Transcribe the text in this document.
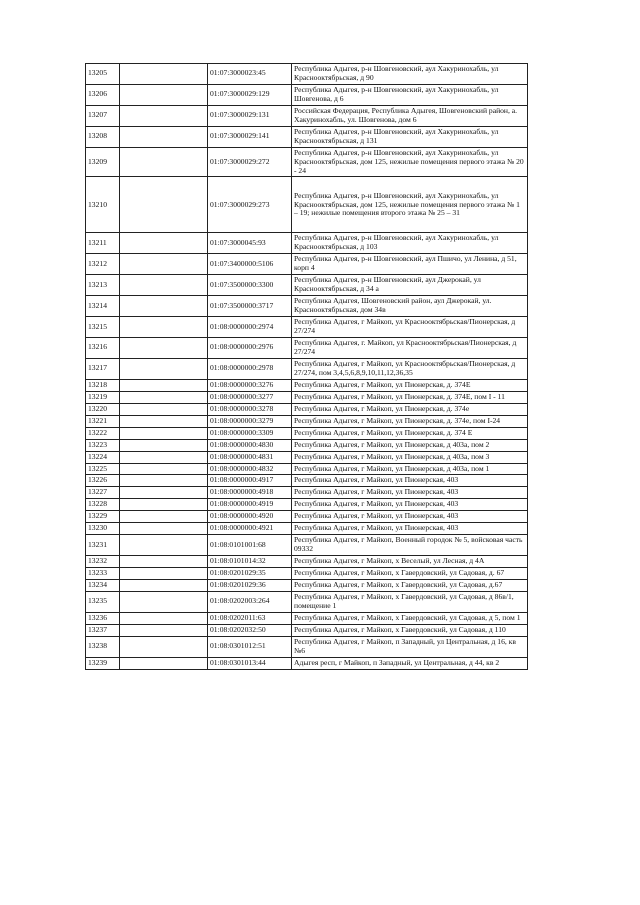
13205		01:07:3000023:45	Республика Адыгея, р-н Шовгеновский, аул Хакуринохабль, ул Краснооктябрьская, д 90
13206		01:07:3000029:129	Республика Адыгея, р-н Шовгеновский, аул Хакуринохабль, ул Шовгенова, д 6
13207		01:07:3000029:131	Российская Федерация, Республика Адыгея, Шовгеновский район, а. Хакуринохабль, ул. Шовгенова, дом 6
13208		01:07:3000029:141	Республика Адыгея, р-н Шовгеновский, аул Хакуринохабль, ул Краснооктябрьская, д 131
13209		01:07:3000029:272	Республика Адыгея, р-н Шовгеновский, аул Хакуринохабль, ул Краснооктябрьская, дом 125, нежилые помещения первого этажа № 20 - 24
13210		01:07:3000029:273	Республика Адыгея, р-н Шовгеновский, аул Хакуринохабль, ул Краснооктябрьская, дом 125, нежилые помещения первого этажа № 1 – 19; нежилые помещения второго этажа № 25 – 31
13211		01:07:3000045:93	Республика Адыгея, р-н Шовгеновский, аул Хакуринохабль, ул Краснооктябрьская, д 103
13212		01:07:3400000:5106	Республика Адыгея, р-н Шовгеновский, аул Пшичо, ул Ленина, д 51, корп 4
13213		01:07:3500000:3300	Республика Адыгея, р-н Шовгеновский, аул Джерокай, ул Краснооктябрьская, д 34 а
13214		01:07:3500000:3717	Республика Адыгея, Шовгеновский район, аул Джерокай, ул. Краснооктябрьская, дом 34в
13215		01:08:0000000:2974	Республика Адыгея, г Майкоп, ул Краснооктябрьская/Пионерская, д 27/274
13216		01:08:0000000:2976	Республика Адыгея, г. Майкоп, ул Краснооктябрьская/Пионерская, д 27/274
13217		01:08:0000000:2978	Республика Адыгея, г Майкоп, ул Краснооктябрьская/Пионерская, д 27/274, пом 3,4,5,6,8,9,10,11,12,36,35
13218		01:08:0000000:3276	Республика Адыгея, г Майкоп, ул Пионерская, д. 374Е
13219		01:08:0000000:3277	Республика Адыгея, г Майкоп, ул Пионерская, д. 374Е, пом I - 11
13220		01:08:0000000:3278	Республика Адыгея, г Майкоп, ул Пионерская, д. 374е
13221		01:08:0000000:3279	Республика Адыгея, г Майкоп, ул Пионерская, д. 374е, пом I-24
13222		01:08:0000000:3309	Республика Адыгея, г Майкоп, ул Пионерская, д. 374 Е
13223		01:08:0000000:4830	Республика Адыгея, г Майкоп, ул Пионерская, д 403а, пом 2
13224		01:08:0000000:4831	Республика Адыгея, г Майкоп, ул Пионерская, д 403а, пом 3
13225		01:08:0000000:4832	Республика Адыгея, г Майкоп, ул Пионерская, д 403а, пом 1
13226		01:08:0000000:4917	Республика Адыгея, г Майкоп, ул Пионерская, 403
13227		01:08:0000000:4918	Республика Адыгея, г Майкоп, ул Пионерская, 403
13228		01:08:0000000:4919	Республика Адыгея, г Майкоп, ул Пионерская, 403
13229		01:08:0000000:4920	Республика Адыгея, г Майкоп, ул Пионерская, 403
13230		01:08:0000000:4921	Республика Адыгея, г Майкоп, ул Пионерская, 403
13231		01:08:0101001:68	Республика Адыгея, г Майкоп, Военный городок № 5, войсковая часть 09332
13232		01:08:0101014:32	Республика Адыгея, г Майкоп, х Веселый, ул Лесная, д 4А
13233		01:08:0201029:35	Республика Адыгея, г Майкоп, х Гавердовский, ул Садовая, д. 67
13234		01:08:0201029:36	Республика Адыгея, г Майкоп, х Гавердовский, ул Садовая, д.67
13235		01:08:0202003:264	Республика Адыгея, г Майкоп, х Гавердовский, ул Садовая, д 86в/1, помещение 1
13236		01:08:0202011:63	Республика Адыгея, г Майкоп, х Гавердовский, ул Садовая, д 5, пом 1
13237		01:08:0202032:50	Республика Адыгея, г Майкоп, х Гавердовский, ул Садовая, д 110
13238		01:08:0301012:51	Республика Адыгея, г Майкоп, п Западный, ул Центральная, д 16, кв №6
13239		01:08:0301013:44	Адыгея респ, г Майкоп, п Западный, ул Центральная, д 44, кв 2
